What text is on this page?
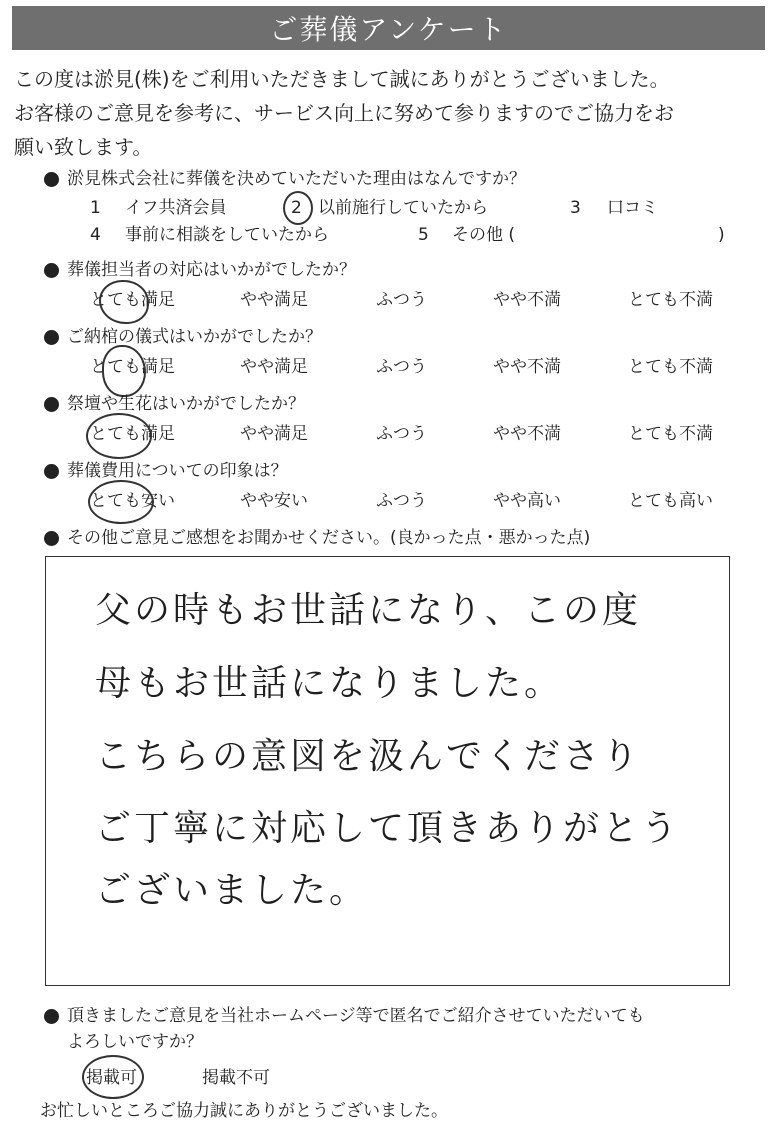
ご葬儀アンケート
この度は淤見(株)をご利用いただきまして誠にありがとうございました。
お客様のご意見を参考に、サービス向上に努めて参りますのでご協力をお
願い致します。
淤見株式会社に葬儀を決めていただいた理由はなんですか？
1 イフ共済会員	2 以前施行していたから	3 口コミ
4 事前に相談をしていたから	5 その他 (	)
葬儀担当者の対応はいかがでしたか？
とても満足	やや満足	ふつう	やや不満	とても不満
ご納棺の儀式はいかがでしたか？
とても満足	やや満足	ふつう	やや不満	とても不満
祭壇や生花はいかがでしたか？
とても満足	やや満足	ふつう	やや不満	とても不満
葬儀費用についての印象は？
とても安い	やや安い	ふつう	やや高い	とても高い
その他ご意見ご感想をお聞かせください。(良かった点・悪かった点)
父の時もお世話になり、この度
母もお世話になりました。
こちらの意図を汲んでくださり
ご丁寧に対応して頂きありがとう
ございました。
頂きましたご意見を当社ホームページ等で匿名でご紹介させていただいても
よろしいですか？
掲載可	掲載不可
お忙しいところご協力誠にありがとうございました。
